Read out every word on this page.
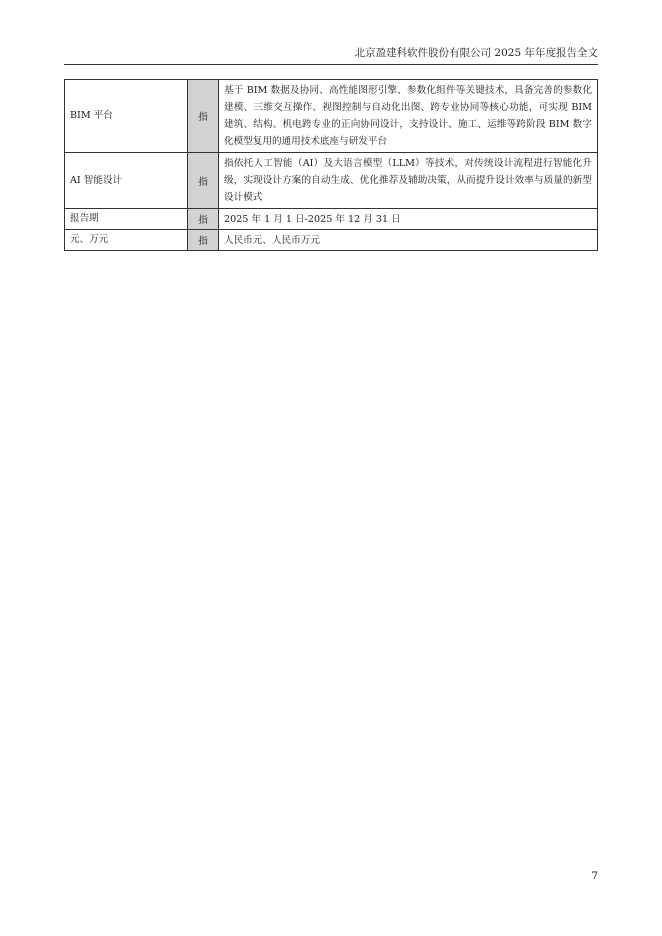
北京盈建科软件股份有限公司 2025 年年度报告全文
BIM 平台	指	基于 BIM 数据及协同、高性能图形引擎、参数化组件等关键技术，具备完善的参数化建模、三维交互操作、视图控制与自动化出图、跨专业协同等核心功能，可实现 BIM 建筑、结构、机电跨专业的正向协同设计，支持设计、施工、运维等跨阶段 BIM 数字化模型复用的通用技术底座与研发平台
AI 智能设计	指	指依托人工智能（AI）及大语言模型（LLM）等技术，对传统设计流程进行智能化升级，实现设计方案的自动生成、优化推荐及辅助决策，从而提升设计效率与质量的新型设计模式
报告期	指	2025 年 1 月 1 日-2025 年 12 月 31 日
元、万元	指	人民币元、人民币万元
7
